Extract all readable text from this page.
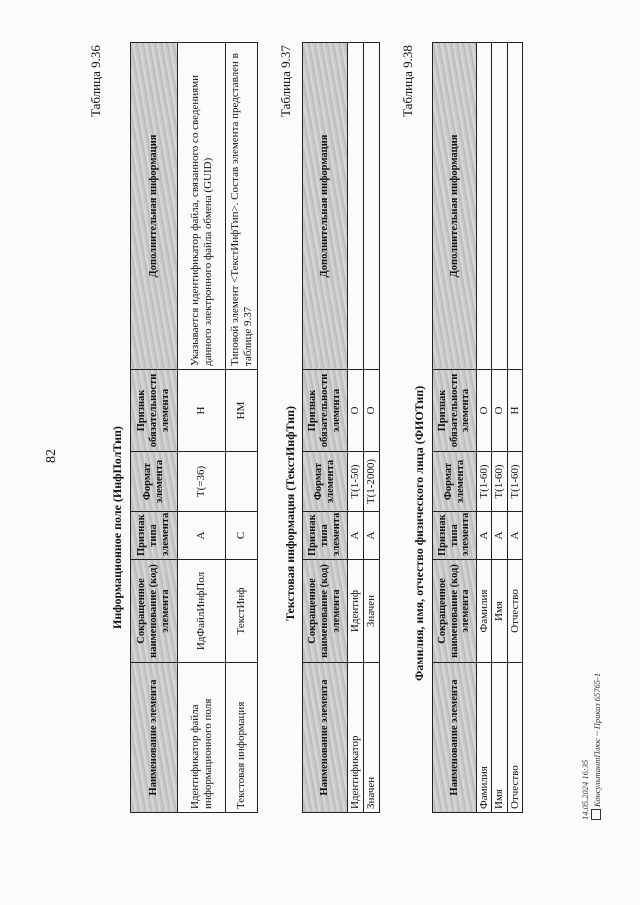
82
Таблица 9.36
Информационное поле (ИнфПолТип)
Наименование элемента	Сокращенное наименование (код) элемента	Признак типа элемента	Формат элемента	Признак обязательности элемента	Дополнительная информация
Идентификатор файла информационного поля	ИдФайлИнфПол	А	T(=36)	Н	Указывается идентификатор файла, связанного со сведениями данного электронного файла обмена (GUID)
Текстовая информация	ТекстИнф	С		НМ	Типовой элемент <ТекстИнфТип>. Состав элемента представлен в таблице 9.37
Таблица 9.37
Текстовая информация (ТекстИнфТип)
Наименование элемента	Сокращенное наименование (код) элемента	Признак типа элемента	Формат элемента	Признак обязательности элемента	Дополнительная информация
Идентификатор	Идентиф	А	T(1-50)	О	
Значен	Значен	А	T(1-2000)	О	
Таблица 9.38
Фамилия, имя, отчество физического лица (ФИОТип)
Наименование элемента	Сокращенное наименование (код) элемента	Признак типа элемента	Формат элемента	Признак обязательности элемента	Дополнительная информация
Фамилия	Фамилия	А	T(1-60)	О	
Имя	Имя	А	T(1-60)	О	
Отчество	Отчество	А	T(1-60)	Н	
14.05.2024 16:35 КонсультантПлюс ~ Приказ 65765-1
